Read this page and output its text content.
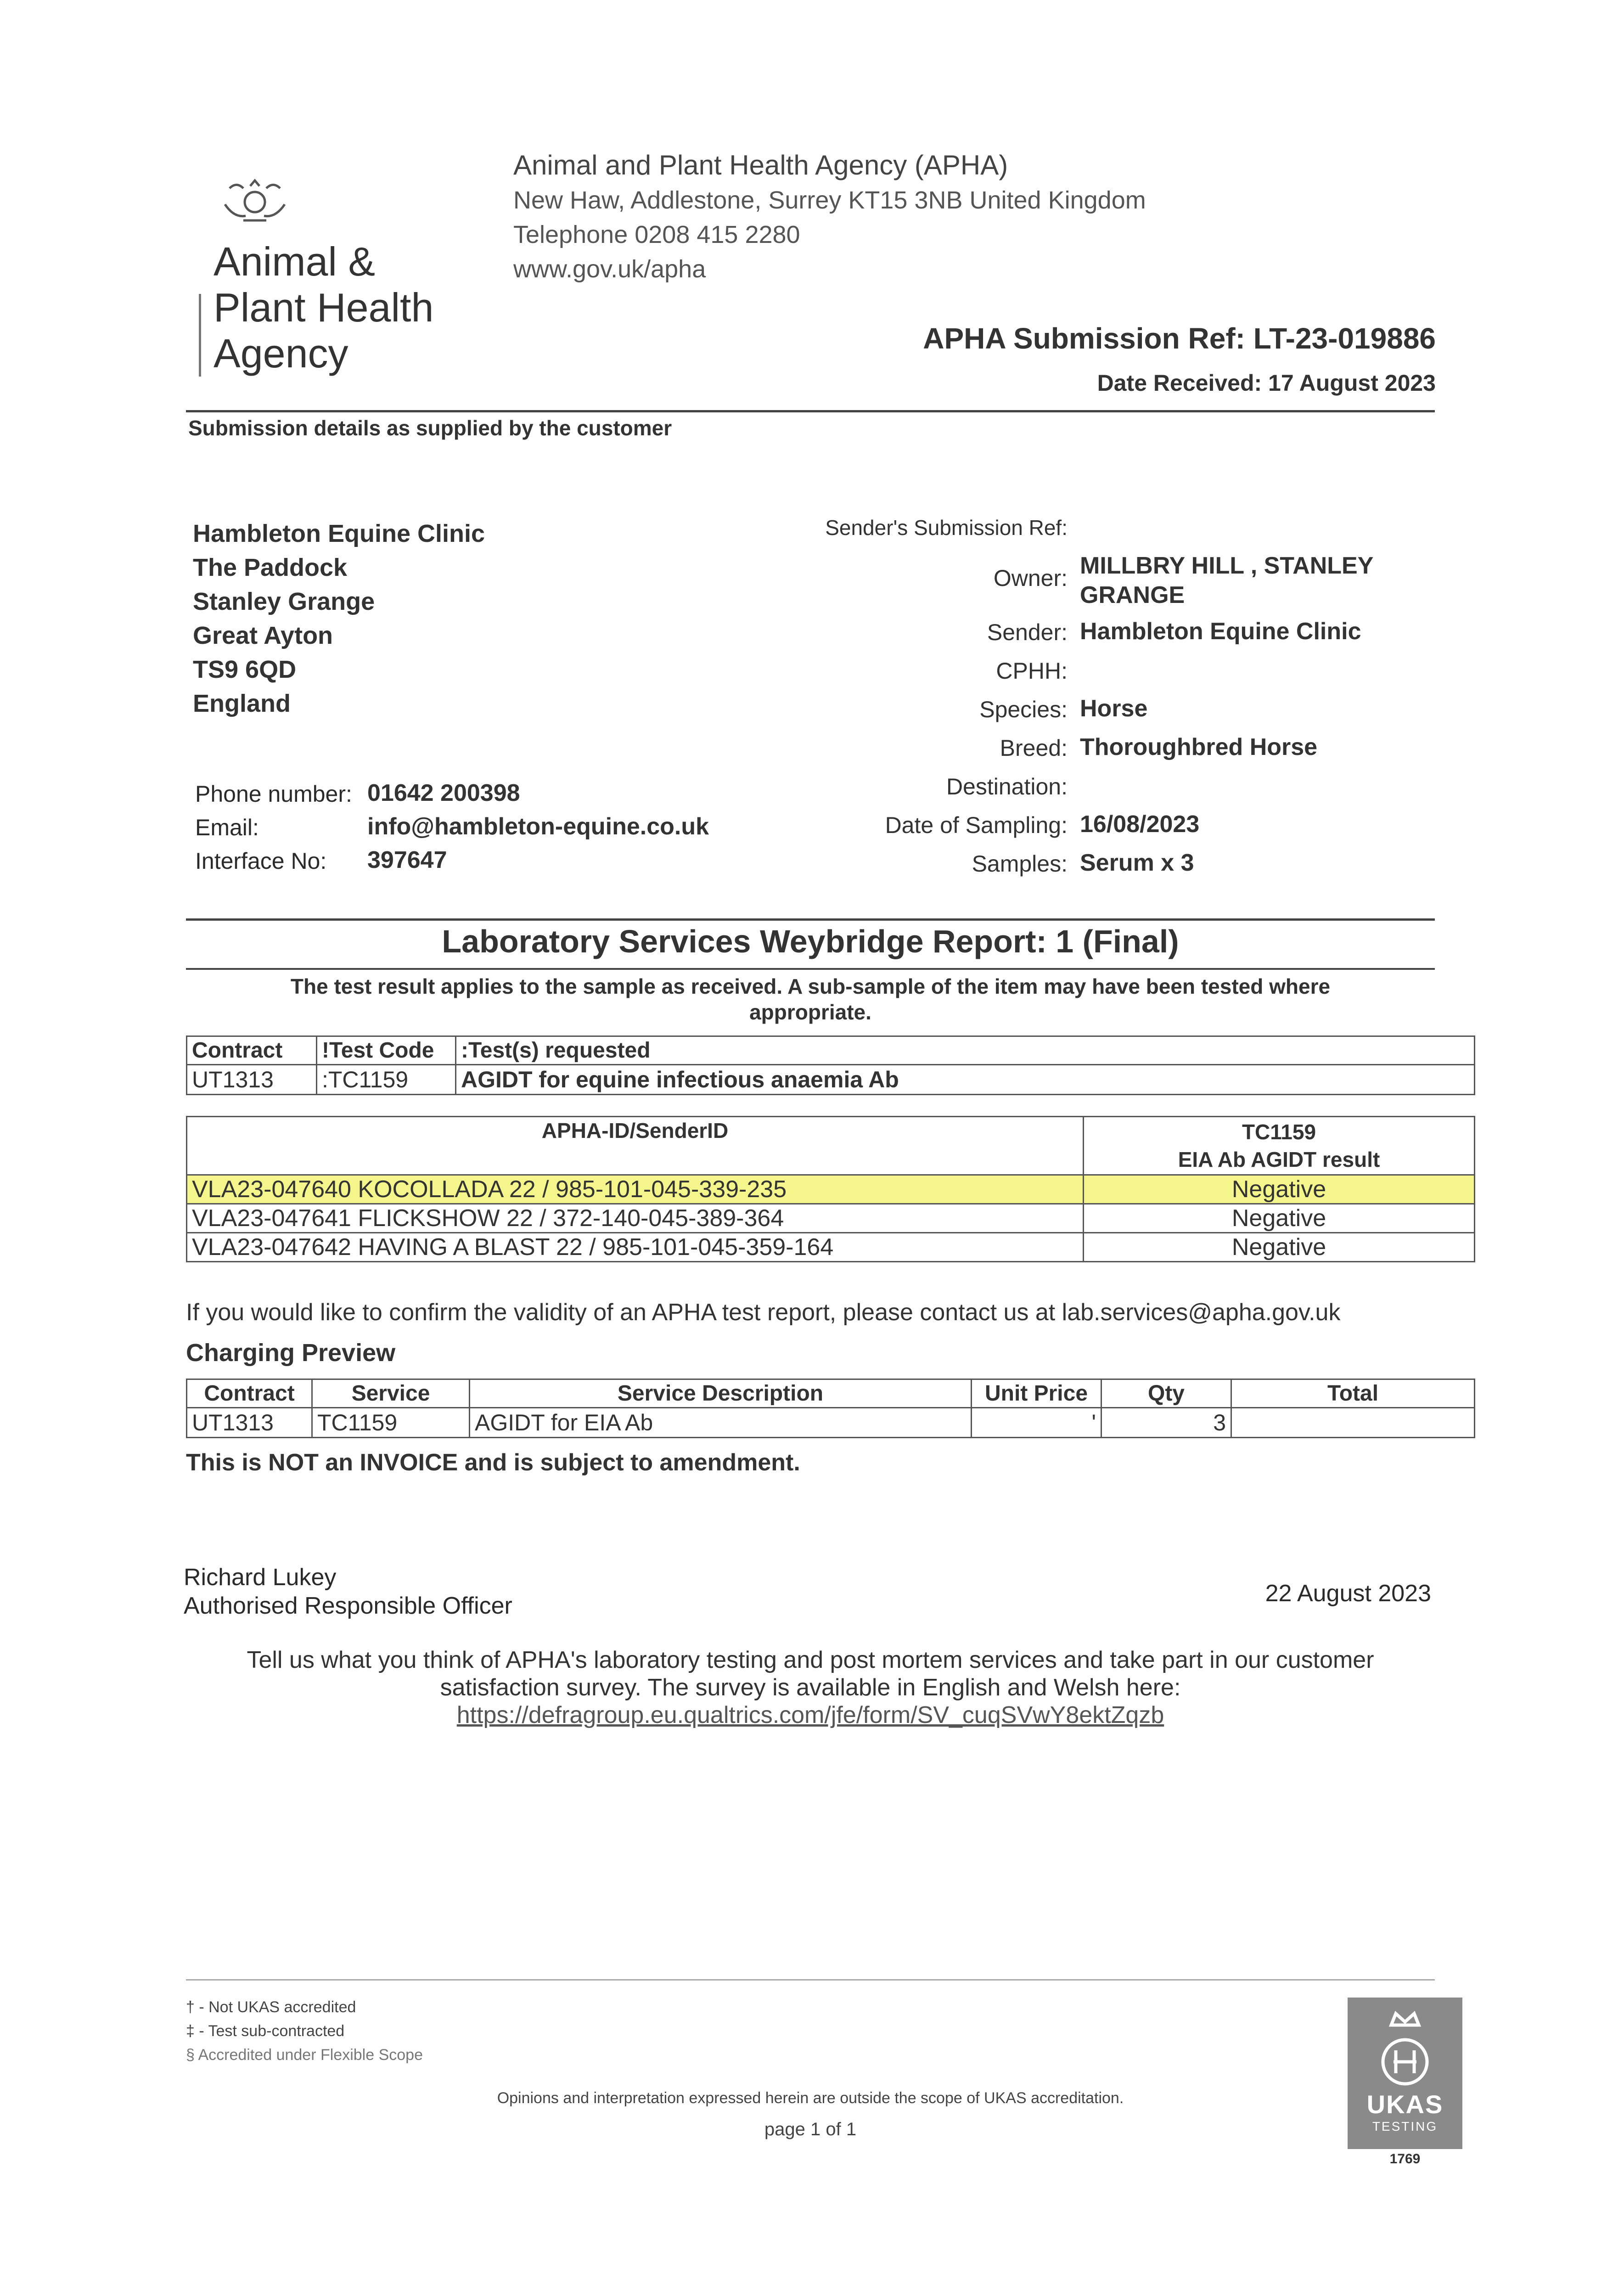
Animal &
Plant Health
Agency
Animal and Plant Health Agency (APHA)
New Haw, Addlestone, Surrey KT15 3NB United Kingdom
Telephone 0208 415 2280
www.gov.uk/apha
APHA Submission Ref: LT-23-019886
Date Received: 17 August 2023
Submission details as supplied by the customer
Hambleton Equine Clinic
The Paddock
Stanley Grange
Great Ayton
TS9 6QD
England
Phone number: 01642 200398
Email:	info@hambleton-equine.co.uk
Interface No: 397647
Sender's Submission Ref:
Owner: MILLBRY HILL , STANLEY
GRANGE
Sender: Hambleton Equine Clinic
CPHH:
Species: Horse
Breed: Thoroughbred Horse
Destination:
Date of Sampling: 16/08/2023
Samples: Serum x 3
Laboratory Services Weybridge Report: 1 (Final)
The test result applies to the sample as received. A sub-sample of the item may have been tested where
appropriate.
Contract	!Test Code	:Test(s) requested
UT1313	:TC1159	AGIDT for equine infectious anaemia Ab
APHA-ID/SenderID	TC1159
EIA Ab AGIDT result

VLA23-047640 KOCOLLADA 22 / 985-101-045-339-235	Negative
VLA23-047641 FLICKSHOW 22 / 372-140-045-389-364	Negative
VLA23-047642 HAVING A BLAST 22 / 985-101-045-359-164	Negative
If you would like to confirm the validity of an APHA test report, please contact us at lab.services@apha.gov.uk
Charging Preview
Contract	Service	Service Description	Unit Price	Qty	Total
UT1313	TC1159	AGIDT for EIA Ab	'	3	
This is NOT an INVOICE and is subject to amendment.
Richard Lukey
Authorised Responsible Officer	22 August 2023
Tell us what you think of APHA's laboratory testing and post mortem services and take part in our customer
satisfaction survey. The survey is available in English and Welsh here:
https://defragroup.eu.qualtrics.com/jfe/form/SV_cuqSVwY8ektZqzb
† - Not UKAS accredited
‡ - Test sub-contracted
§ Accredited under Flexible Scope
Opinions and interpretation expressed herein are outside the scope of UKAS accreditation.
page 1 of 1
UKAS
TESTING
1769
